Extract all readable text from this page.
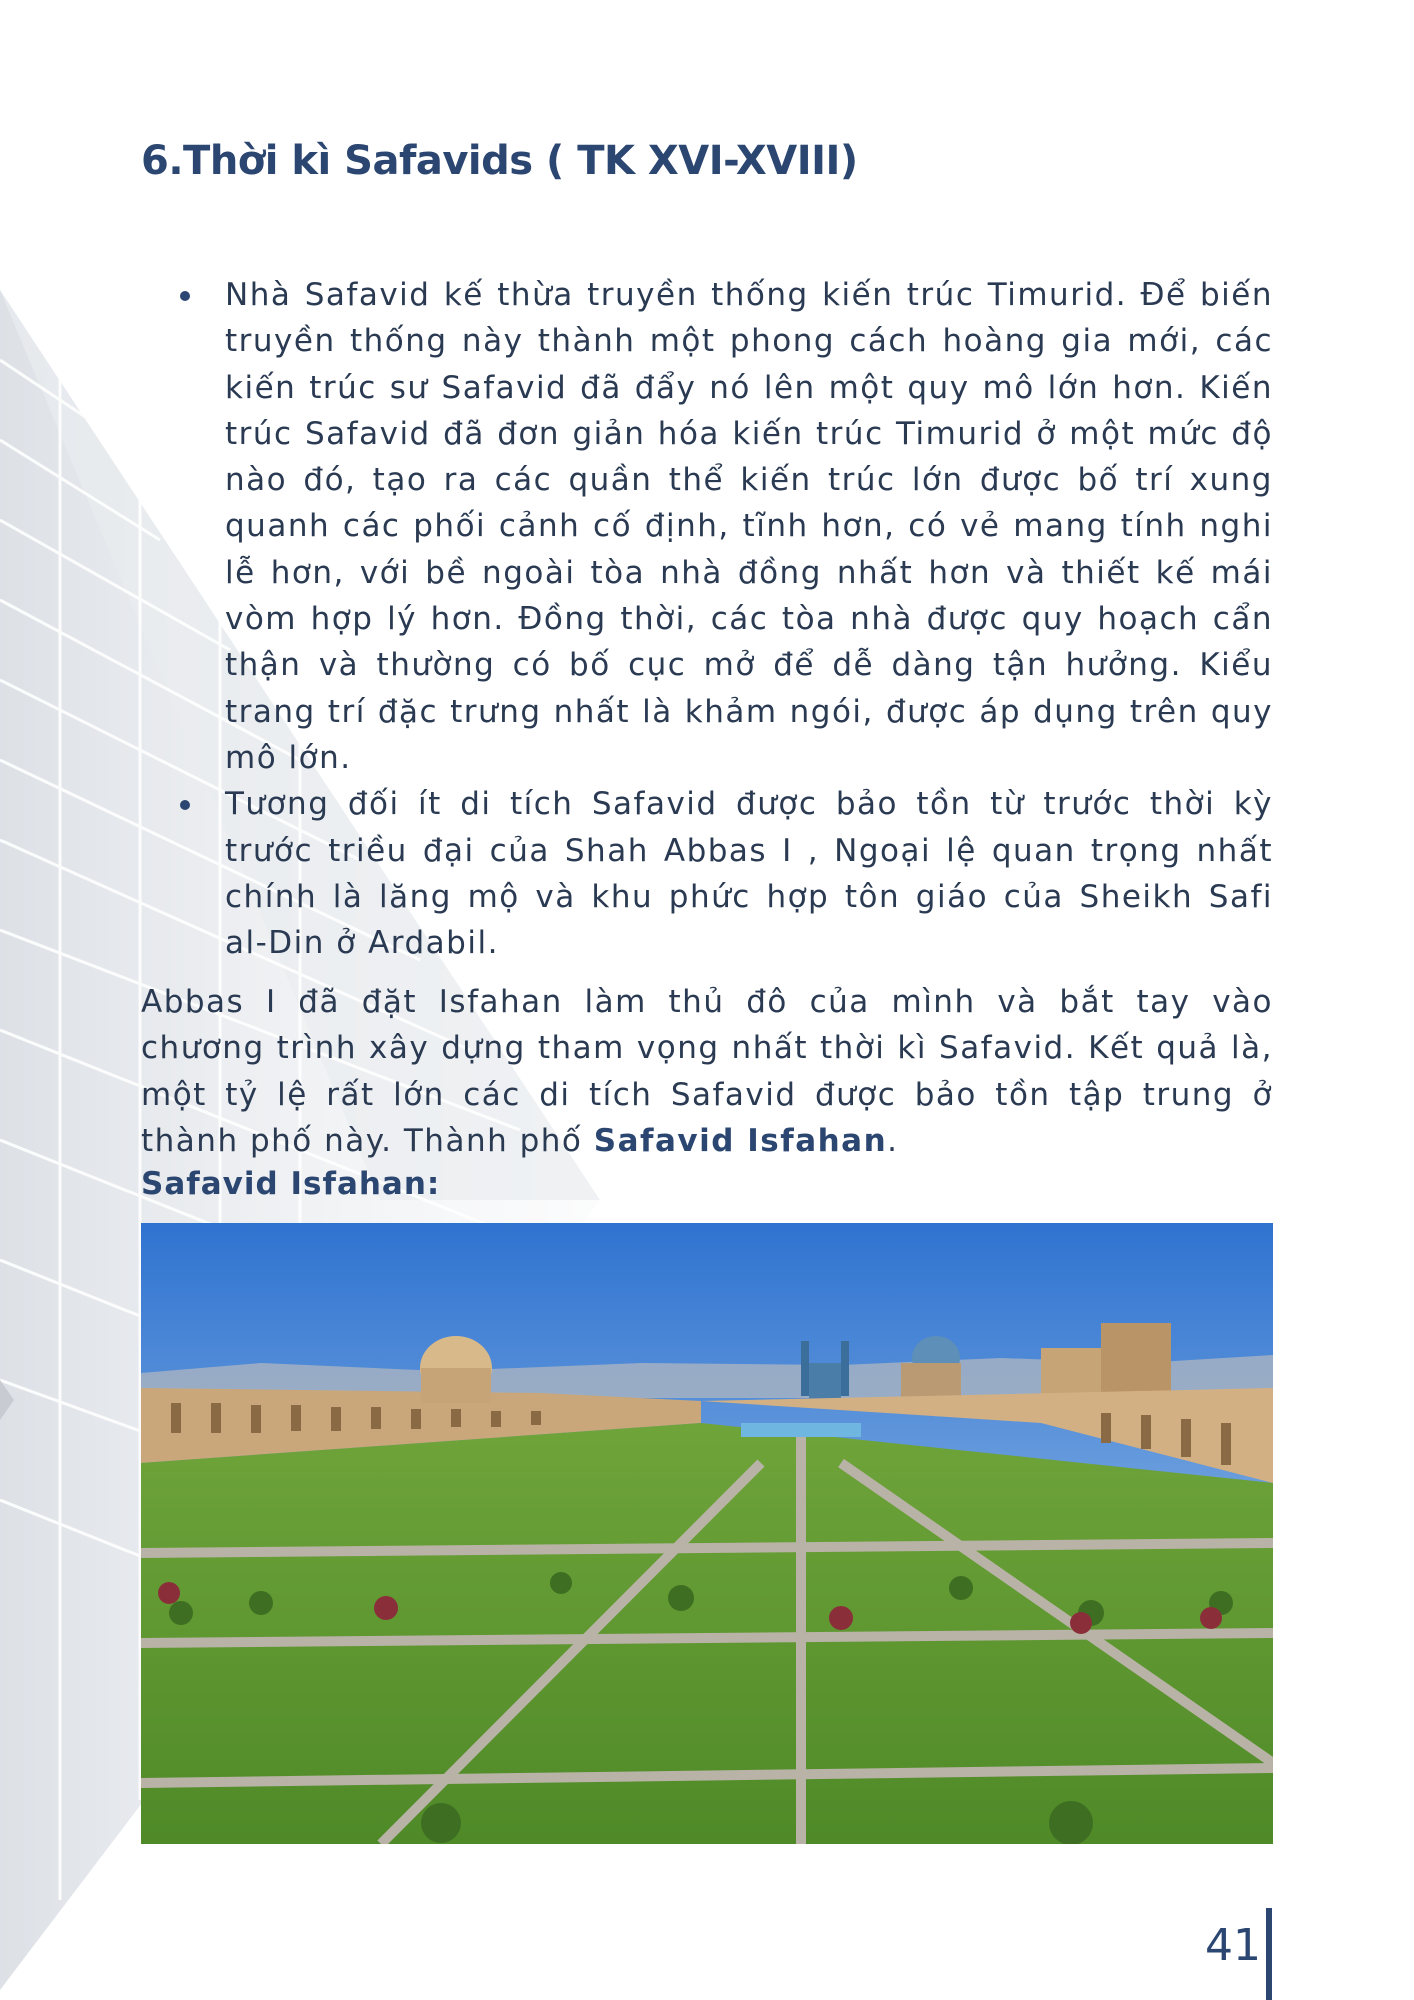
6.Thời kì Safavids ( TK XVI-XVIII)
Nhà Safavid kế thừa truyền thống kiến trúc Timurid. Để biến truyền thống này thành một phong cách hoàng gia mới, các kiến trúc sư Safavid đã đẩy nó lên một quy mô lớn hơn. Kiến trúc Safavid đã đơn giản hóa kiến trúc Timurid ở một mức độ nào đó, tạo ra các quần thể kiến trúc lớn được bố trí xung quanh các phối cảnh cố định, tĩnh hơn, có vẻ mang tính nghi lễ hơn, với bề ngoài tòa nhà đồng nhất hơn và thiết kế mái vòm hợp lý hơn. Đồng thời, các tòa nhà được quy hoạch cẩn thận và thường có bố cục mở để dễ dàng tận hưởng. Kiểu trang trí đặc trưng nhất là khảm ngói, được áp dụng trên quy mô lớn.
Tương đối ít di tích Safavid được bảo tồn từ trước thời kỳ trước triều đại của Shah Abbas I , Ngoại lệ quan trọng nhất chính là lăng mộ và khu phức hợp tôn giáo của Sheikh Safi al-Din ở Ardabil.

Abbas I đã đặt Isfahan làm thủ đô của mình và bắt tay vào chương trình xây dựng tham vọng nhất thời kì Safavid. Kết quả là, một tỷ lệ rất lớn các di tích Safavid được bảo tồn tập trung ở thành phố này. Thành phố Safavid Isfahan.

Safavid Isfahan:

41
